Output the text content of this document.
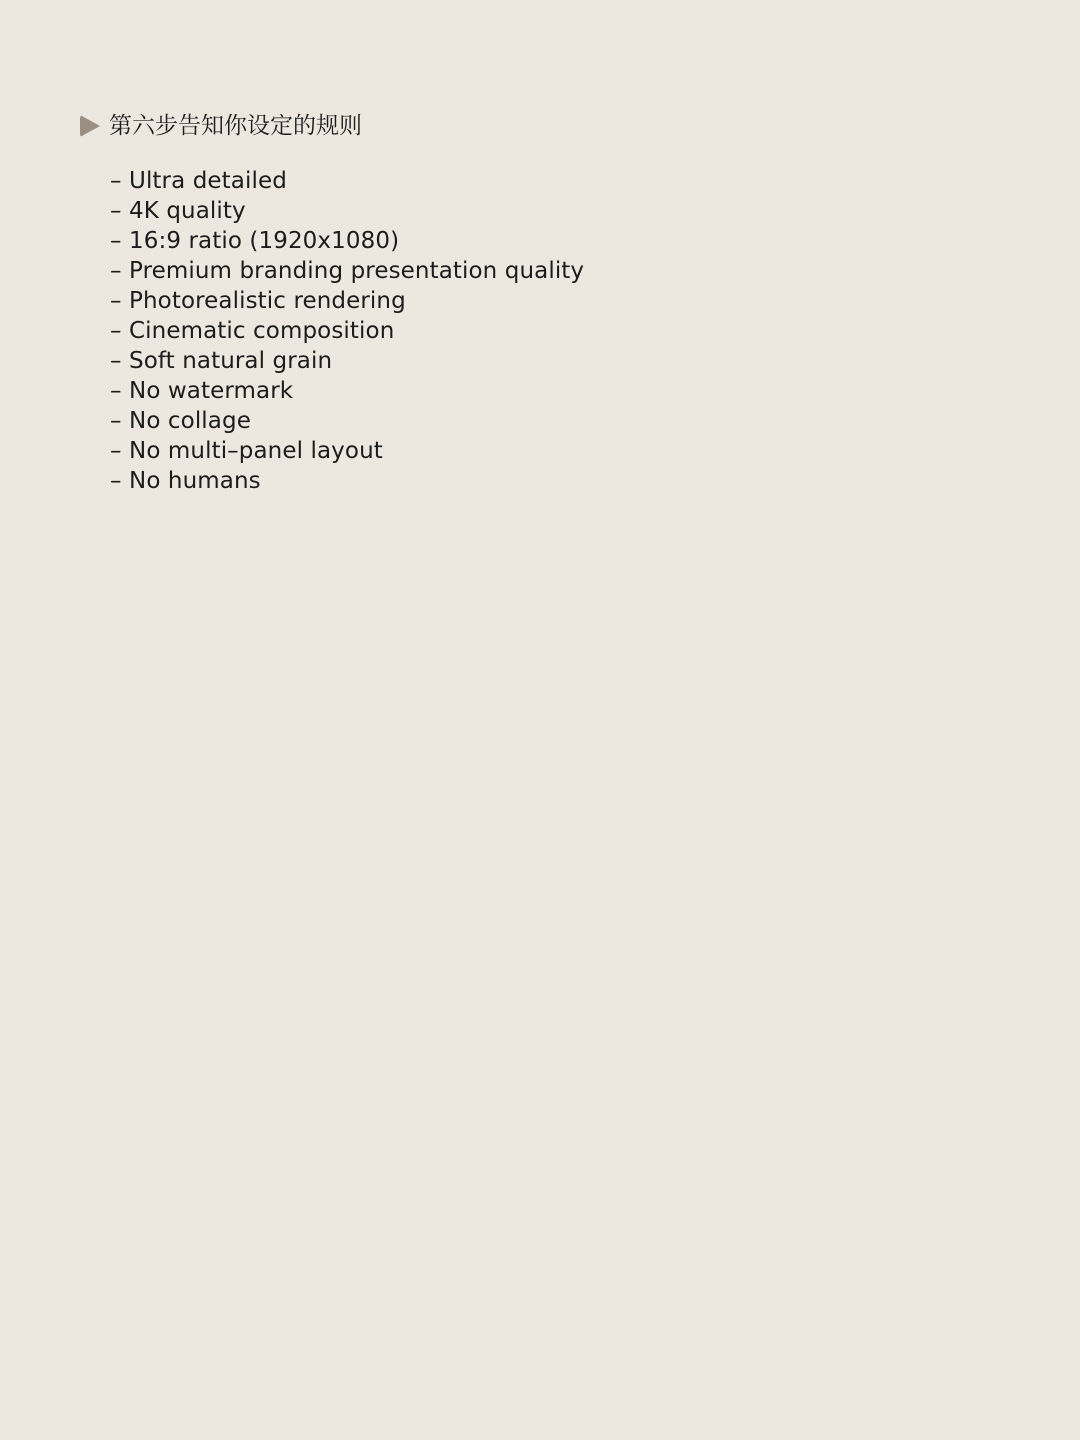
第六步告知你设定的规则
– Ultra detailed
– 4K quality
– 16:9 ratio (1920x1080)
– Premium branding presentation quality
– Photorealistic rendering
– Cinematic composition
– Soft natural grain
– No watermark
– No collage
– No multi–panel layout
– No humans
